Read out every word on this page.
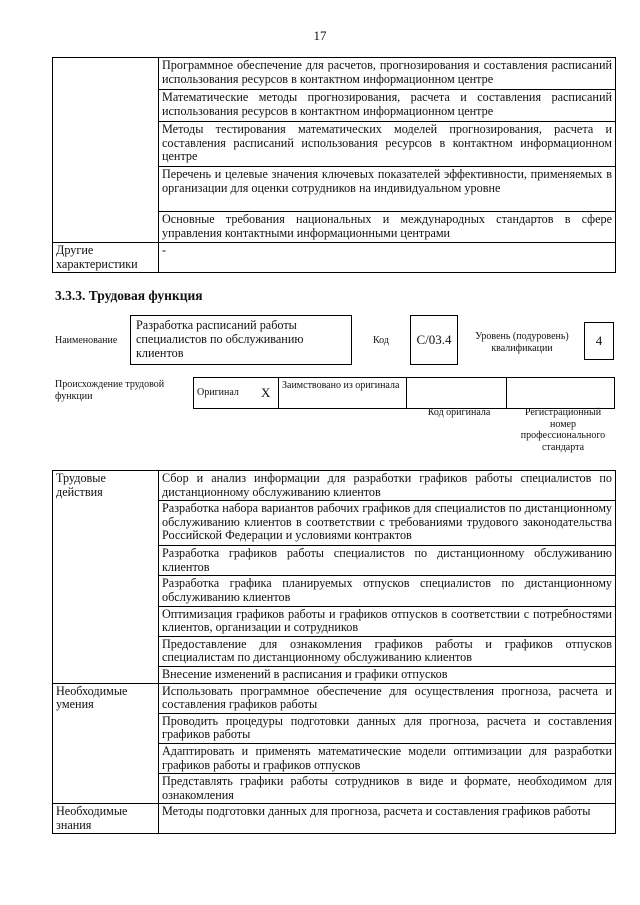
17
	Программное обеспечение для расчетов, прогнозирования и составления расписаний использования ресурсов в контактном информационном центре
	Математические методы прогнозирования, расчета и составления расписаний использования ресурсов в контактном информационном центре
	Методы тестирования математических моделей прогнозирования, расчета и составления расписаний использования ресурсов в контактном информационном центре
	Перечень и целевые значения ключевых показателей эффективности, применяемых в организации для оценки сотрудников на индивидуальном уровне
	Основные требования национальных и международных стандартов в сфере управления контактными информационными центрами
Другие характеристики	-
3.3.3. Трудовая функция
Наименование
Разработка расписаний работы специалистов по обслуживанию клиентов
Код С/03.4	Уровень (подуровень) квалификации	4
Происхождение трудовой функции	Оригинал	X	Заимствовано из оригинала		
Код оригинала	Регистрационный номер профессионального стандарта
Трудовые действия	Сбор и анализ информации для разработки графиков работы специалистов по дистанционному обслуживанию клиентов
	Разработка набора вариантов рабочих графиков для специалистов по дистанционному обслуживанию клиентов в соответствии с требованиями трудового законодательства Российской Федерации и условиями контрактов
	Разработка графиков работы специалистов по дистанционному обслуживанию клиентов
	Разработка графика планируемых отпусков специалистов по дистанционному обслуживанию клиентов
	Оптимизация графиков работы и графиков отпусков в соответствии с потребностями клиентов, организации и сотрудников
	Предоставление для ознакомления графиков работы и графиков отпусков специалистам по дистанционному обслуживанию клиентов
	Внесение изменений в расписания и графики отпусков
Необходимые умения	Использовать программное обеспечение для осуществления прогноза, расчета и составления графиков работы
	Проводить процедуры подготовки данных для прогноза, расчета и составления графиков работы
	Адаптировать и применять математические модели оптимизации для разработки графиков работы и графиков отпусков
	Представлять графики работы сотрудников в виде и формате, необходимом для ознакомления
Необходимые знания	Методы подготовки данных для прогноза, расчета и составления графиков работы
